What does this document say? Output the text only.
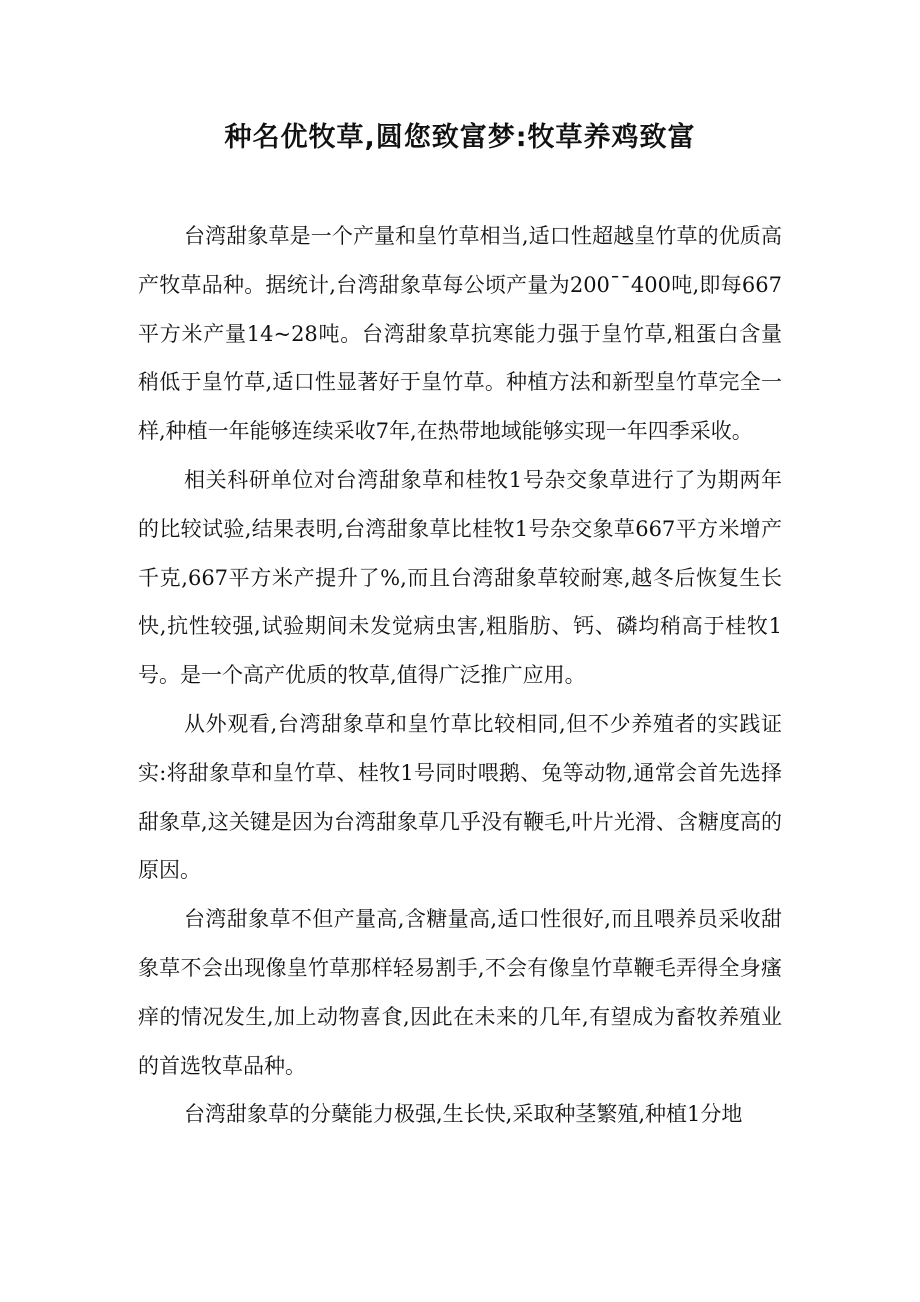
种名优牧草,圆您致富梦:牧草养鸡致富

台湾甜象草是一个产量和皇竹草相当,适口性超越皇竹草的优质高产牧草品种。据统计,台湾甜象草每公顷产量为200¯¯400吨,即每667平方米产量14~28吨。台湾甜象草抗寒能力强于皇竹草,粗蛋白含量稍低于皇竹草,适口性显著好于皇竹草。种植方法和新型皇竹草完全一样,种植一年能够连续采收7年,在热带地域能够实现一年四季采收。

相关科研单位对台湾甜象草和桂牧1号杂交象草进行了为期两年的比较试验,结果表明,台湾甜象草比桂牧1号杂交象草667平方米增产千克,667平方米产提升了%,而且台湾甜象草较耐寒,越冬后恢复生长快,抗性较强,试验期间未发觉病虫害,粗脂肪、钙、磷均稍高于桂牧1号。是一个高产优质的牧草,值得广泛推广应用。

从外观看,台湾甜象草和皇竹草比较相同,但不少养殖者的实践证实:将甜象草和皇竹草、桂牧1号同时喂鹅、兔等动物,通常会首先选择甜象草,这关键是因为台湾甜象草几乎没有鞭毛,叶片光滑、含糖度高的原因。

台湾甜象草不但产量高,含糖量高,适口性很好,而且喂养员采收甜象草不会出现像皇竹草那样轻易割手,不会有像皇竹草鞭毛弄得全身瘙痒的情况发生,加上动物喜食,因此在未来的几年,有望成为畜牧养殖业的首选牧草品种。

台湾甜象草的分蘖能力极强,生长快,采取种茎繁殖,种植1分地
